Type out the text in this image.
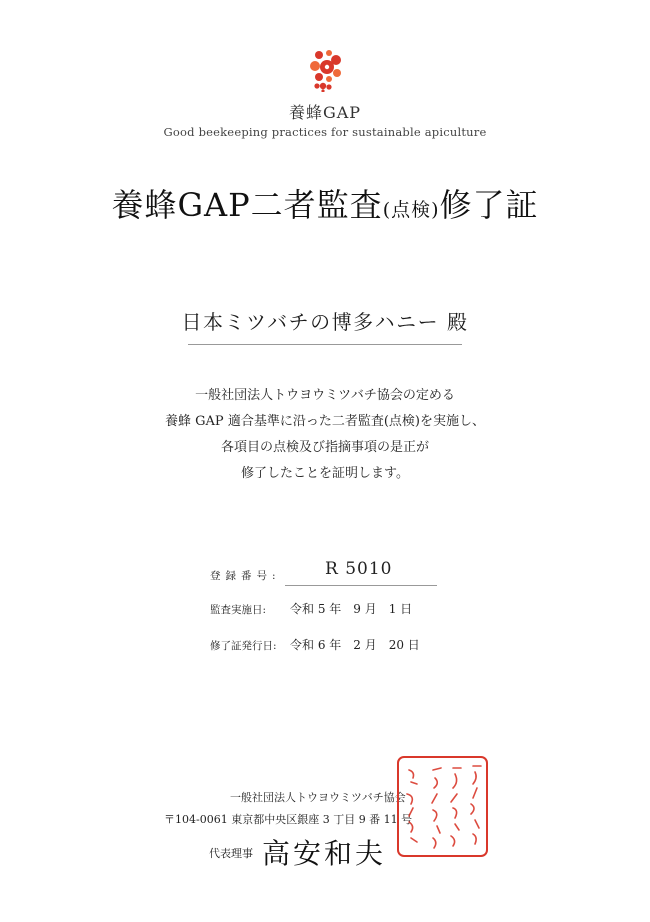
養蜂GAP
Good beekeeping practices for sustainable apiculture
養蜂GAP二者監査(点検)修了証
日本ミツバチの博多ハニー 殿
一般社団法人トウヨウミツバチ協会の定める
養蜂 GAP 適合基準に沿った二者監査(点検)を実施し、
各項目の点検及び指摘事項の是正が
修了したことを証明します。
登録番号:	R 5010
監査実施日: 令和 5 年　9 月　1 日
修了証発行日: 令和 6 年　2 月　20 日
一般社団法人トウヨウミツバチ協会
〒104-0061 東京都中央区銀座 3 丁目 9 番 11 号
代表理事 高安和夫
